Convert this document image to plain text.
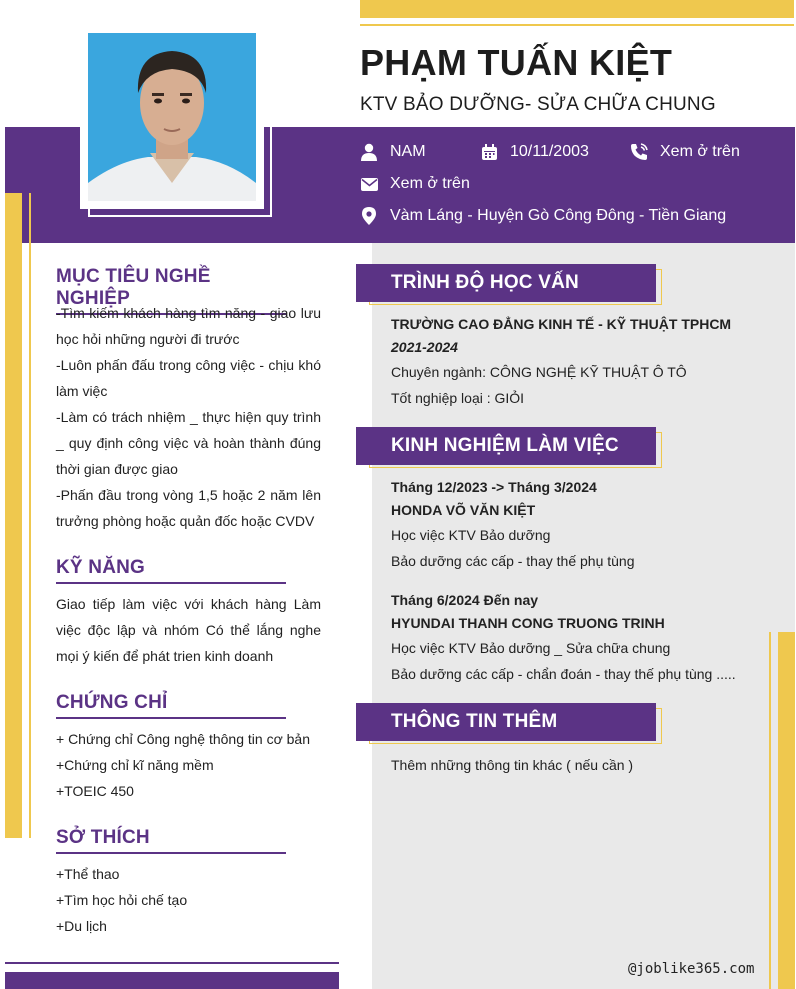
PHẠM TUẤN KIỆT
KTV BẢO DƯỠNG- SỬA CHỮA CHUNG
NAM	10/11/2003	Xem ở trên
Xem ở trên
Vàm Láng - Huyện Gò Công Đông - Tiền Giang
MỤC TIÊU NGHỀ NGHIỆP

-Tìm kiếm khách hàng tìm năng - giao lưu học hỏi những người đi trước

-Luôn phấn đấu trong công việc - chịu khó làm việc

-Làm có trách nhiệm _ thực hiện quy trình _ quy định công việc và hoàn thành đúng thời gian được giao

-Phấn đầu trong vòng 1,5 hoặc 2 năm lên trưởng phòng hoặc quản đốc hoặc CVDV

KỸ NĂNG
Giao tiếp làm việc với khách hàng Làm việc độc lập và nhóm Có thể lắng nghe mọi ý kiến để phát trien kinh doanh
CHỨNG CHỈ

+ Chứng chỉ Công nghệ thông tin cơ bản

+Chứng chỉ kĩ năng mềm

+TOEIC 450

SỞ THÍCH

+Thể thao

+Tìm học hỏi chế tạo

+Du lịch

TRÌNH ĐỘ HỌC VẤN
TRƯỜNG CAO ĐẲNG KINH TẾ - KỸ THUẬT TPHCM
2021-2024
Chuyên ngành: CÔNG NGHỆ KỸ THUẬT Ô TÔ
Tốt nghiệp loại : GIỎI
KINH NGHIỆM LÀM VIỆC
Tháng 12/2023 -> Tháng 3/2024
HONDA VÕ VĂN KIỆT
Học việc KTV Bảo dưỡng
Bảo dưỡng các cấp - thay thế phụ tùng
Tháng 6/2024 Đến nay
HYUNDAI THANH CONG TRUONG TRINH
Học việc KTV Bảo dưỡng _ Sửa chữa chung
Bảo dưỡng các cấp - chẩn đoán - thay thế phụ tùng .....
THÔNG TIN THÊM
Thêm những thông tin khác ( nếu cần )
@joblike365.com
